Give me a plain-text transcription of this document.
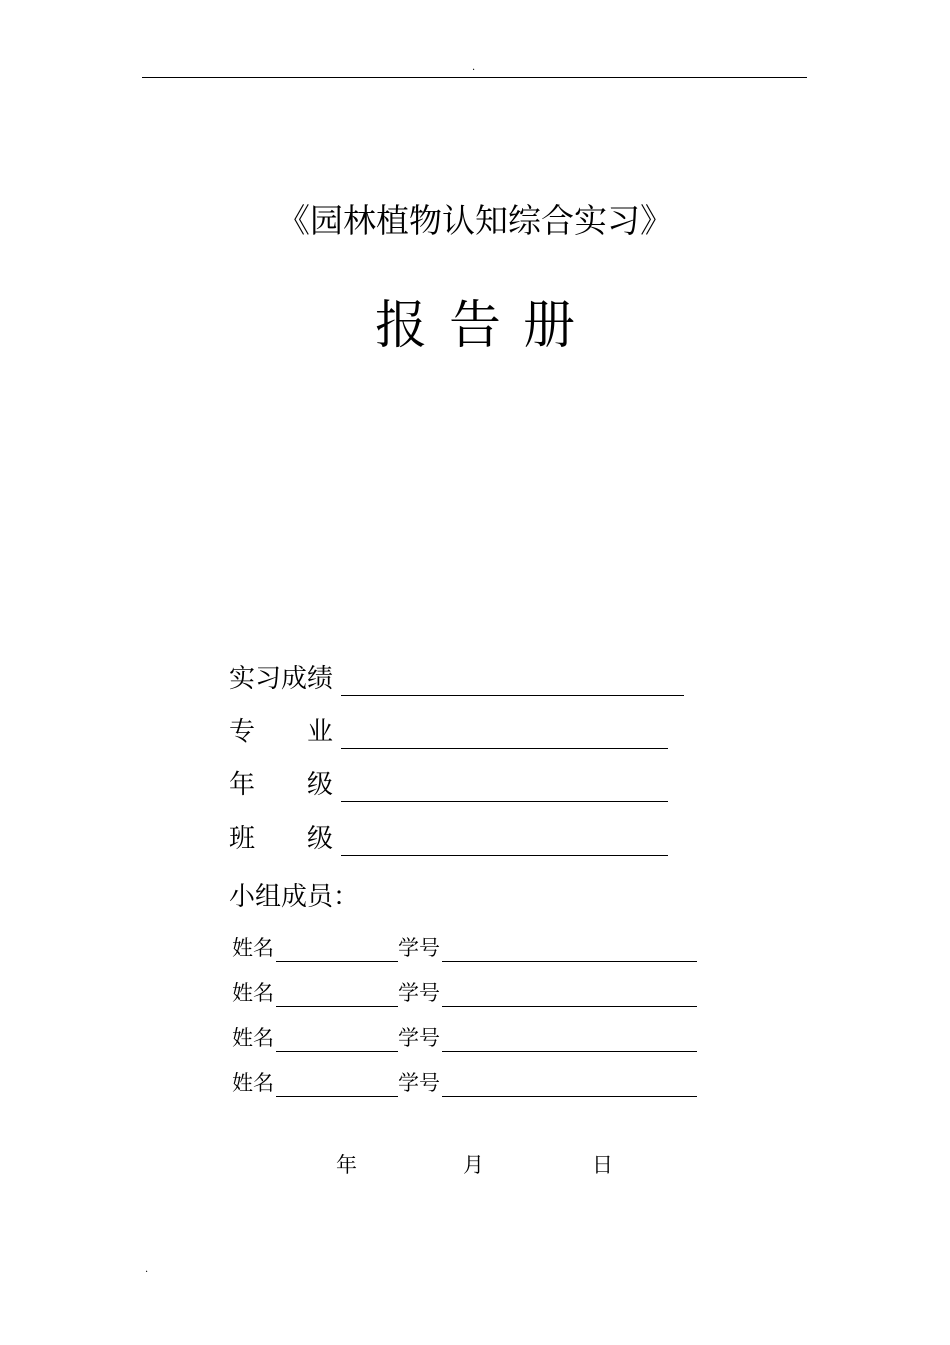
.
《园林植物认知综合实习》
报告册
实习成绩
专　　业
年　　级
班　　级
小组成员：
姓名	学号
姓名	学号
姓名	学号
姓名	学号
年	月	日
.
